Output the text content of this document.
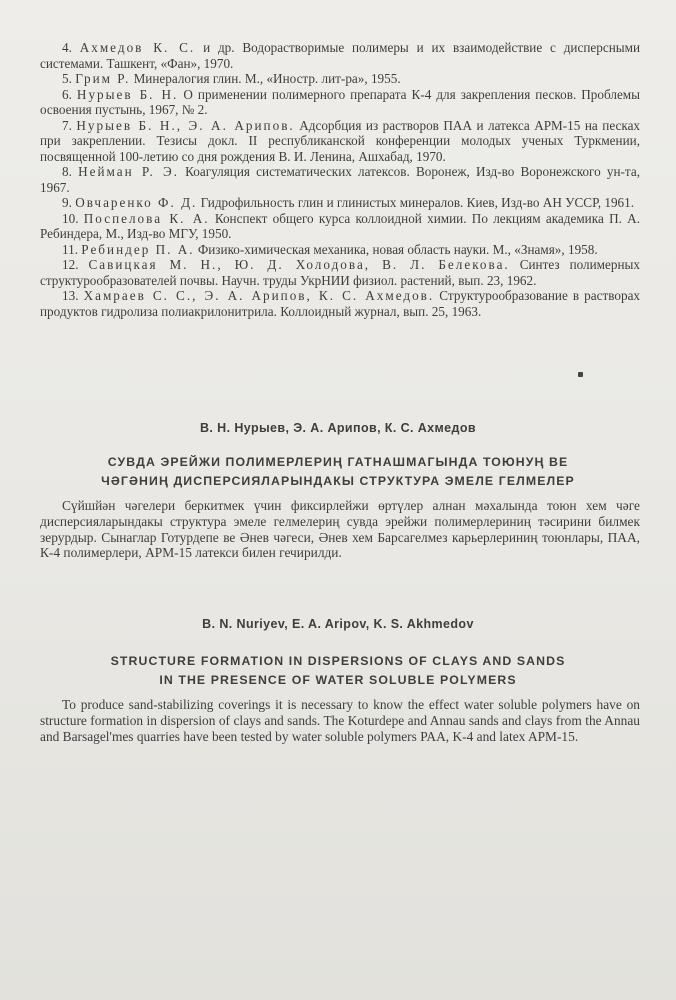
4. Ахмедов К. С. и др. Водорастворимые полимеры и их взаимодействие с дисперсными системами. Ташкент, «Фан», 1970.

5. Грим Р. Минералогия глин. М., «Иностр. лит-ра», 1955.

6. Нурыев Б. Н. О применении полимерного препарата К-4 для закрепления песков. Проблемы освоения пустынь, 1967, № 2.

7. Нурыев Б. Н., Э. А. Арипов. Адсорбция из растворов ПАА и латекса АРМ-15 на песках при закреплении. Тезисы докл. II республиканской конференции молодых ученых Туркмении, посвященной 100-летию со дня рождения В. И. Ленина, Ашхабад, 1970.

8. Нейман Р. Э. Коагуляция систематических латексов. Воронеж, Изд-во Воронежского ун-та, 1967.

9. Овчаренко Ф. Д. Гидрофильность глин и глинистых минералов. Киев, Изд-во АН УССР, 1961.

10. Поспелова К. А. Конспект общего курса коллоидной химии. По лекциям академика П. А. Ребиндера, М., Изд-во МГУ, 1950.

11. Ребиндер П. А. Физико-химическая механика, новая область науки. М., «Знамя», 1958.

12. Савицкая М. Н., Ю. Д. Холодова, В. Л. Белекова. Синтез полимерных структурообразователей почвы. Научн. труды УкрНИИ физиол. растений, вып. 23, 1962.

13. Хамраев С. С., Э. А. Арипов, К. С. Ахмедов. Структурообразование в растворах продуктов гидролиза полиакрилонитрила. Коллоидный журнал, вып. 25, 1963.

В. Н. Нурыев, Э. А. Арипов, К. С. Ахмедов
СУВДА ЭРЕЙЖИ ПОЛИМЕРЛЕРИҢ ГАТНАШМАГЫНДА ТОЮНУҢ ВЕ
ЧӘГӘНИҢ ДИСПЕРСИЯЛАРЫНДАКЫ СТРУКТУРА ЭМЕЛЕ ГЕЛМЕЛЕР

Сүйшйән чәгелери беркитмек үчин фиксирлейжи өртүлер алнан мәхалында тоюн хем чәге дисперсияларындакы структура эмеле гелмелериң сувда эрейжи полимерлериниң тәсирини билмек зерурдыр. Сынаглар Готурдепе ве Әнев чәгеси, Әнев хем Барсагелмез карьерлериниң тоюнлары, ПАА, К-4 полимерлери, АРМ-15 латекси билен гечирилди.

B. N. Nuriyev, E. A. Aripov, K. S. Akhmedov
STRUCTURE FORMATION IN DISPERSIONS OF CLAYS AND SANDS
IN THE PRESENCE OF WATER SOLUBLE POLYMERS

To produce sand-stabilizing coverings it is necessary to know the effect water soluble polymers have on structure formation in dispersion of clays and sands. The Koturdepe and Annau sands and clays from the Annau and Barsagel'mes quarries have been tested by water soluble polymers PAA, K-4 and latex APM-15.
